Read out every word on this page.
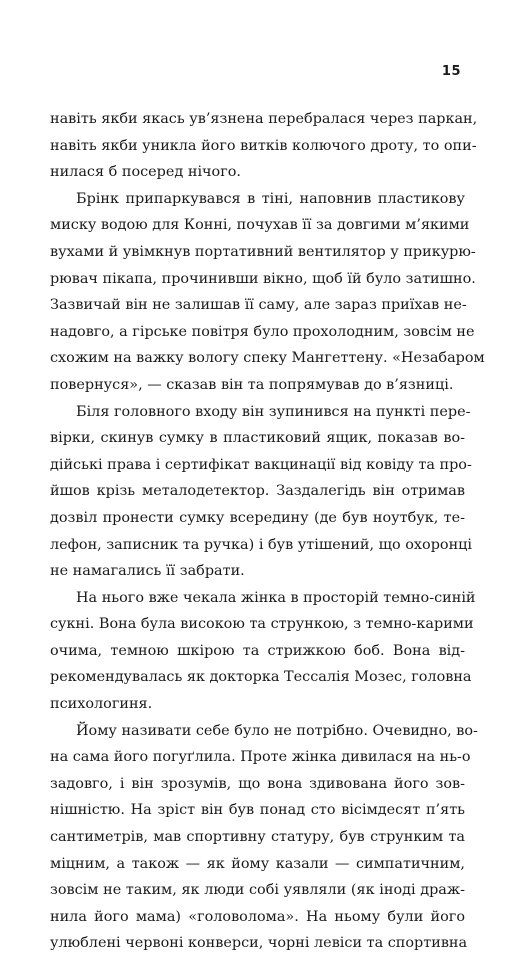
15
навіть якби якась ув’язнена перебралася через паркан,
навіть якби уникла його витків колючого дроту, то опи-
нилася б посеред нічого.
Брінк припаркувався в тіні, наповнив пластикову
миску водою для Конні, почухав її за довгими м’якими
вухами й увімкнув портативний вентилятор у прикурю-
рювач пікапа, прочинивши вікно, щоб їй було затишно.
Зазвичай він не залишав її саму, але зараз приїхав не-
надовго, а гірське повітря було прохолодним, зовсім не
схожим на важку вологу спеку Мангеттену. «Незабаром
повернуся», — сказав він та попрямував до в’язниці.
Біля головного входу він зупинився на пункті пере-
вірки, скинув сумку в пластиковий ящик, показав во-
дійські права і сертифікат вакцинації від ковіду та про-
йшов крізь металодетектор. Заздалегідь він отримав
дозвіл пронести сумку всередину (де був ноутбук, те-
лефон, записник та ручка) і був утішений, що охоронці
не намагались її забрати.
На нього вже чекала жінка в просторій темно-синій
сукні. Вона була високою та стрункою, з темно-карими
очима, темною шкірою та стрижкою боб. Вона від-
рекомендувалась як докторка Тессалія Мозес, головна
психологиня.
Йому називати себе було не потрібно. Очевидно, во-
на сама його погуґлила. Проте жінка дивилася на нь-о
задовго, і він зрозумів, що вона здивована його зов-
нішністю. На зріст він був понад сто вісімдесят п’ять
сантиметрів, мав спортивну статуру, був струнким та
міцним, а також — як йому казали — симпатичним,
зовсім не таким, як люди собі уявляли (як іноді драж-
нила його мама) «головолома». На ньому були його
улюблені червоні конверси, чорні левіси та спортивна
